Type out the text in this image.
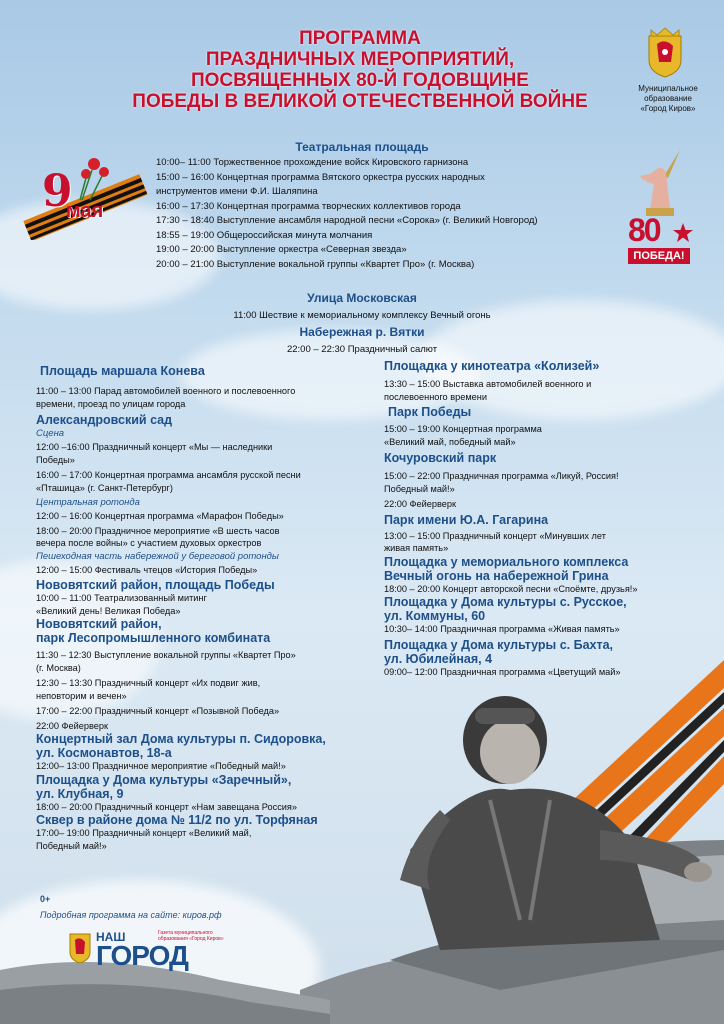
ПРОГРАММА
ПРАЗДНИЧНЫХ МЕРОПРИЯТИЙ,
ПОСВЯЩЕННЫХ 80-Й ГОДОВЩИНЕ
ПОБЕДЫ В ВЕЛИКОЙ ОТЕЧЕСТВЕННОЙ ВОЙНЕ
Муниципальное
образование
«Город Киров»
9
мая
80
ПОБЕДА!
Театральная площадь
10:00– 11:00 Торжественное прохождение войск Кировского гарнизона
15:00 – 16:00 Концертная программа Вятского оркестра русских народных
инструментов имени Ф.И. Шаляпина
16:00 – 17:30 Концертная программа творческих коллективов города
17:30 – 18:40 Выступление ансамбля народной песни «Сорока» (г. Великий Новгород)
18:55 – 19:00 Общероссийская минута молчания
19:00 – 20:00 Выступление оркестра «Северная звезда»
20:00 – 21:00 Выступление вокальной группы «Квартет Про» (г. Москва)
Улица Московская
11:00 Шествие к мемориальному комплексу Вечный огонь
Набережная р. Вятки
22:00 – 22:30 Праздничный салют
Площадь маршала Конева
11:00 – 13:00 Парад автомобилей военного и послевоенного
времени, проезд по улицам города
Александровский сад
Сцена
12:00 –16:00 Праздничный концерт «Мы — наследники
Победы»
16:00 – 17:00 Концертная программа ансамбля русской песни
«Пташица» (г. Санкт-Петербург)
Центральная ротонда
12:00 – 16:00 Концертная программа «Марафон Победы»
18:00 – 20:00 Праздничное мероприятие «В шесть часов
вечера после войны» с участием духовых оркестров
Пешеходная часть набережной у береговой ротонды
12:00 – 15:00 Фестиваль чтецов «История Победы»
Нововятский район, площадь Победы
10:00 – 11:00 Театрализованный митинг
«Великий день! Великая Победа»
Нововятский район,
парк Лесопромышленного комбината
11:30 – 12:30 Выступление вокальной группы «Квартет Про»
(г. Москва)
12:30 – 13:30 Праздничный концерт «Их подвиг жив,
неповторим и вечен»
17:00 – 22:00 Праздничный концерт «Позывной Победа»
22:00 Фейерверк
Концертный зал Дома культуры п. Сидоровка,
ул. Космонавтов, 18-а
12:00– 13:00 Праздничное мероприятие «Победный май!»
Площадка у Дома культуры «Заречный»,
ул. Клубная, 9
18:00 – 20:00 Праздничный концерт «Нам завещана Россия»
Сквер в районе дома № 11/2 по ул. Торфяная
17:00– 19:00 Праздничный концерт «Великий май,
Победный май!»
Площадка у кинотеатра «Колизей»
13:30 – 15:00 Выставка автомобилей военного и
послевоенного времени
Парк Победы
15:00 – 19:00 Концертная программа
«Великий май, победный май»
Кочуровский парк
15:00 – 22:00 Праздничная программа «Ликуй, Россия!
Победный май!»
22:00 Фейерверк
Парк имени Ю.А. Гагарина
13:00 – 15:00 Праздничный концерт «Минувших лет
живая память»
Площадка у мемориального комплекса
Вечный огонь на набережной Грина
18:00 – 20:00 Концерт авторской песни «Споёмте, друзья!»
Площадка у Дома культуры с. Русское,
ул. Коммуны, 60
10:30– 14:00 Праздничная программа «Живая память»
Площадка у Дома культуры с. Бахта,
ул. Юбилейная, 4
09:00– 12:00 Праздничная программа «Цветущий май»
0+
Подробная программа на сайте: киров.рф
НАШ
ГОРОД
Газета муниципального образования «Город Киров»
